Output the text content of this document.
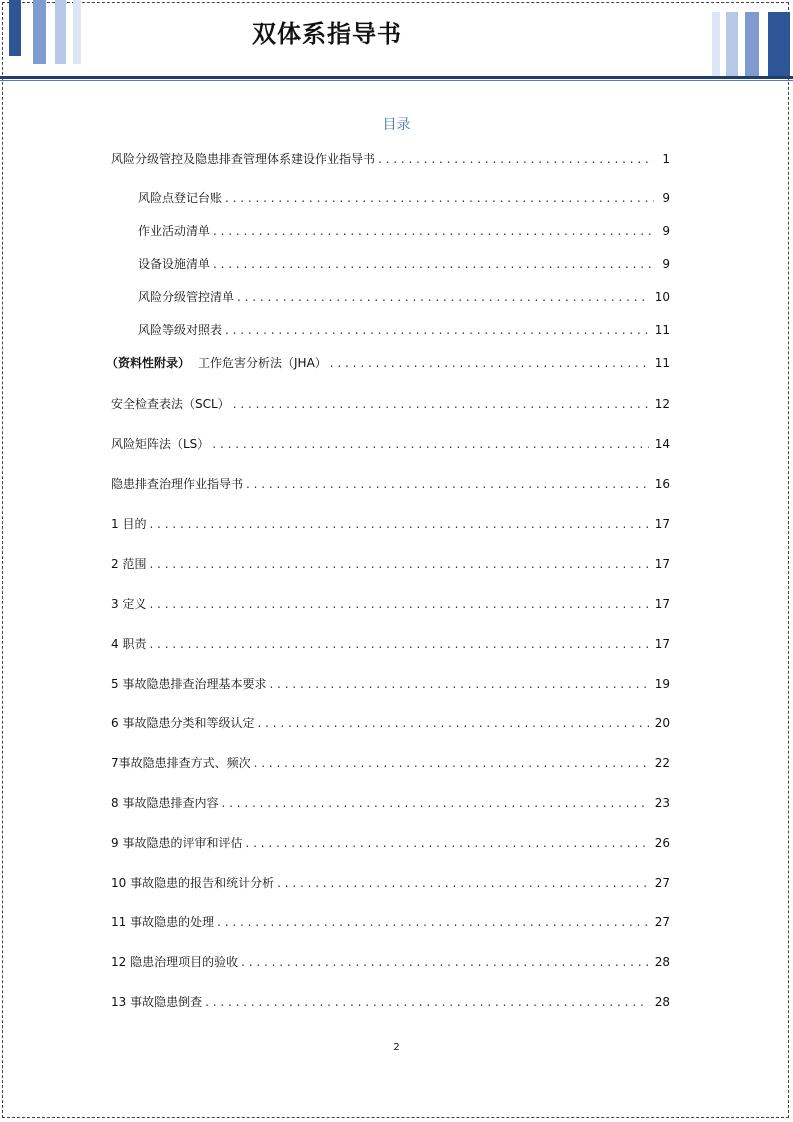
双体系指导书
目录
风险分级管控及隐患排查管理体系建设作业指导书 . . .	1
风险点登记台账 . . .	9
作业活动清单 . . .	9
设备设施清单 . . .	9
风险分级管控清单 . . .	10
风险等级对照表 . . .	11
（资料性附录） 工作危害分析法（JHA） . . .	11
安全检查表法（SCL） . . .	12
风险矩阵法（LS） . . .	14
隐患排查治理作业指导书 . . .	16
1 目的 . . .	17
2 范围 . . .	17
3 定义 . . .	17
4 职责 . . .	17
5 事故隐患排查治理基本要求 . . .	19
6 事故隐患分类和等级认定 . . .	20
7事故隐患排查方式、频次 . . .	22
8 事故隐患排查内容 . . .	23
9 事故隐患的评审和评估 . . .	26
10 事故隐患的报告和统计分析 . . .	27
11 事故隐患的处理 . . .	27
12 隐患治理项目的验收 . . .	28
13 事故隐患倒查 . . .	28
2
